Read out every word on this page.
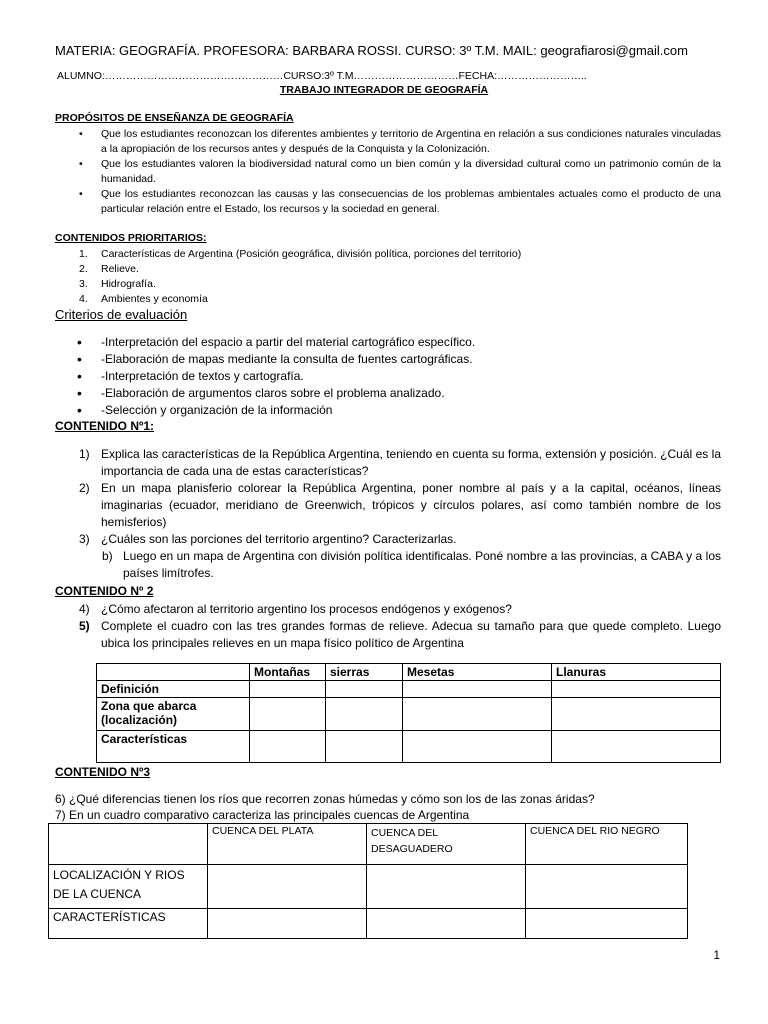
MATERIA: GEOGRAFÍA. PROFESORA: BARBARA ROSSI. CURSO: 3º T.M. MAIL: geografiarosi@gmail.com
ALUMNO:……………………………………………CURSO:3º T.M…………………………FECHA:……………………..
TRABAJO INTEGRADOR DE GEOGRAFÍA
PROPÓSITOS DE ENSEÑANZA DE GEOGRAFÍA
• Que los estudiantes reconozcan los diferentes ambientes y territorio de Argentina en relación a sus condiciones naturales vinculadas a la apropiación de los recursos antes y después de la Conquista y la Colonización.
• Que los estudiantes valoren la biodiversidad natural como un bien común y la diversidad cultural como un patrimonio común de la humanidad.
• Que los estudiantes reconozcan las causas y las consecuencias de los problemas ambientales actuales como el producto de una particular relación entre el Estado, los recursos y la sociedad en general.
CONTENIDOS PRIORITARIOS:
1. Características de Argentina (Posición geográfica, división política, porciones del territorio)
2. Relieve.
3. Hidrografía.
4. Ambientes y economía
Criterios de evaluación
• -Interpretación del espacio a partir del material cartográfico específico.
• -Elaboración de mapas mediante la consulta de fuentes cartográficas.
• -Interpretación de textos y cartografía.
• -Elaboración de argumentos claros sobre el problema analizado.
• -Selección y organización de la información
CONTENIDO Nº1:
1) Explica las características de la República Argentina, teniendo en cuenta su forma, extensión y posición. ¿Cuál es la importancia de cada una de estas características?
2) En un mapa planisferio colorear la República Argentina, poner nombre al país y a la capital, océanos, líneas imaginarias (ecuador, meridiano de Greenwich, trópicos y círculos polares, así como también nombre de los hemisferios)
3) ¿Cuáles son las porciones del territorio argentino? Caracterizarlas.
b) Luego en un mapa de Argentina con división política identificalas. Poné nombre a las provincias, a CABA y a los países limítrofes.
CONTENIDO Nº 2
4) ¿Cómo afectaron al territorio argentino los procesos endógenos y exógenos?
5) Complete el cuadro con las tres grandes formas de relieve. Adecua su tamaño para que quede completo. Luego ubica los principales relieves en un mapa físico político de Argentina
	Montañas	sierras	Mesetas	Llanuras
Definición				
Zona que abarca (localización)				
Características				
CONTENIDO Nº3
6) ¿Qué diferencias tienen los ríos que recorren zonas húmedas y cómo son los de las zonas áridas?
7) En un cuadro comparativo caracteriza las principales cuencas de Argentina
	CUENCA DEL PLATA	CUENCA DEL DESAGUADERO	CUENCA DEL RIO NEGRO
LOCALIZACIÓN Y RIOS DE LA CUENCA			
CARACTERÍSTICAS			
1
